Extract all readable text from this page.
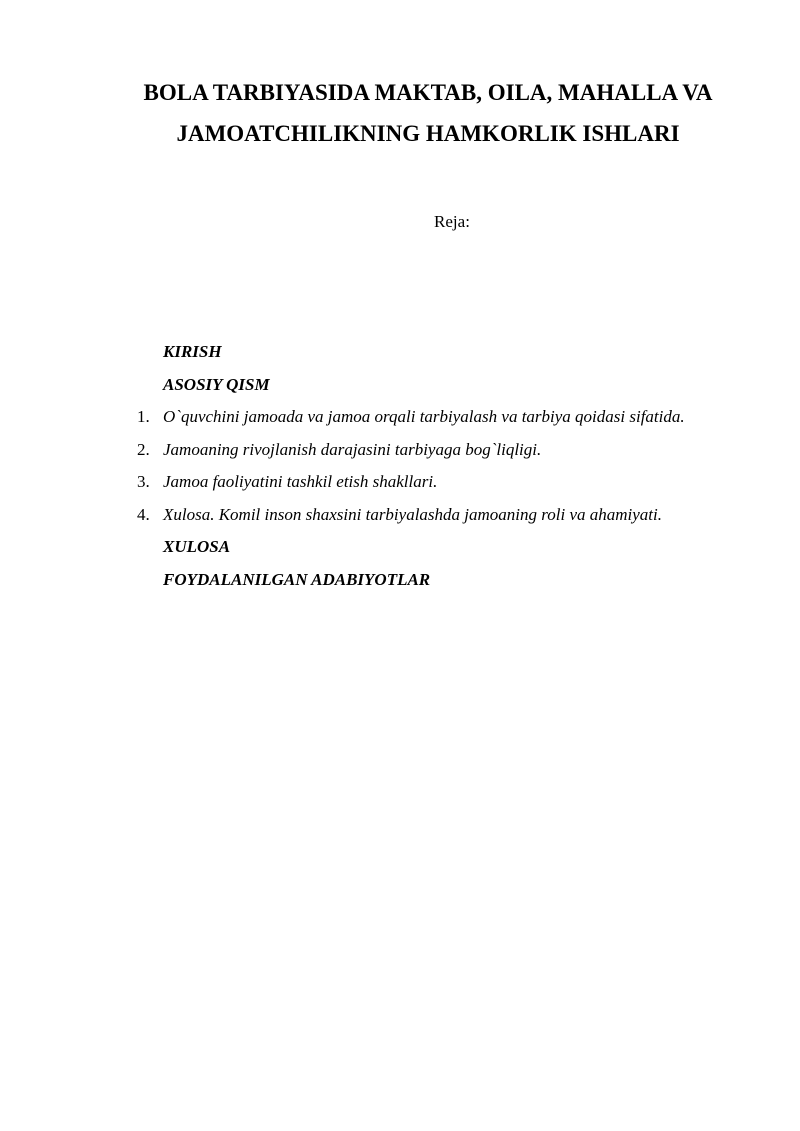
BOLA TARBIYASIDA MAKTAB, OILA, MAHALLA VA
JAMOATCHILIKNING HAMKORLIK ISHLARI

Reja:

KIRISH
ASOSIY QISM
1. O`quvchini jamoada va jamoa orqali tarbiyalash va tarbiya qoidasi sifatida.
2. Jamoaning rivojlanish darajasini tarbiyaga bog`liqligi.
3. Jamoa faoliyatini tashkil etish shakllari.
4. Xulosa. Komil inson shaxsini tarbiyalashda jamoaning roli va ahamiyati.
XULOSA
FOYDALANILGAN ADABIYOTLAR
